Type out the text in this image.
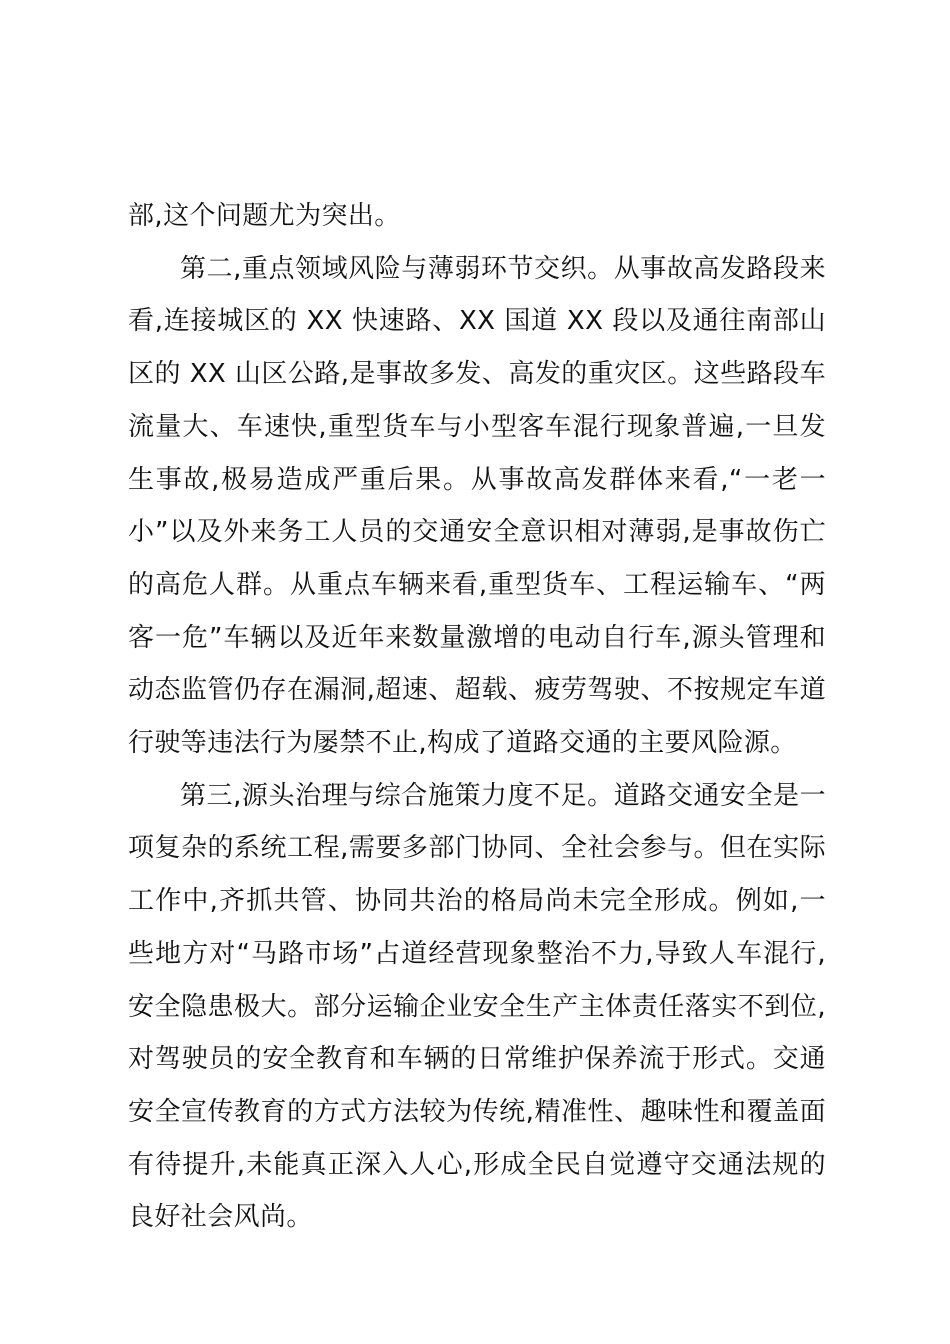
部,这个问题尤为突出。

第二,重点领域风险与薄弱环节交织。从事故高发路段来看,连接城区的 XX 快速路、XX 国道 XX 段以及通往南部山区的 XX 山区公路,是事故多发、高发的重灾区。这些路段车流量大、车速快,重型货车与小型客车混行现象普遍,一旦发生事故,极易造成严重后果。从事故高发群体来看,“一老一小”以及外来务工人员的交通安全意识相对薄弱,是事故伤亡的高危人群。从重点车辆来看,重型货车、工程运输车、“两客一危”车辆以及近年来数量激增的电动自行车,源头管理和动态监管仍存在漏洞,超速、超载、疲劳驾驶、不按规定车道行驶等违法行为屡禁不止,构成了道路交通的主要风险源。

第三,源头治理与综合施策力度不足。道路交通安全是一项复杂的系统工程,需要多部门协同、全社会参与。但在实际工作中,齐抓共管、协同共治的格局尚未完全形成。例如,一些地方对“马路市场”占道经营现象整治不力,导致人车混行,安全隐患极大。部分运输企业安全生产主体责任落实不到位,对驾驶员的安全教育和车辆的日常维护保养流于形式。交通安全宣传教育的方式方法较为传统,精准性、趣味性和覆盖面有待提升,未能真正深入人心,形成全民自觉遵守交通法规的良好社会风尚。
